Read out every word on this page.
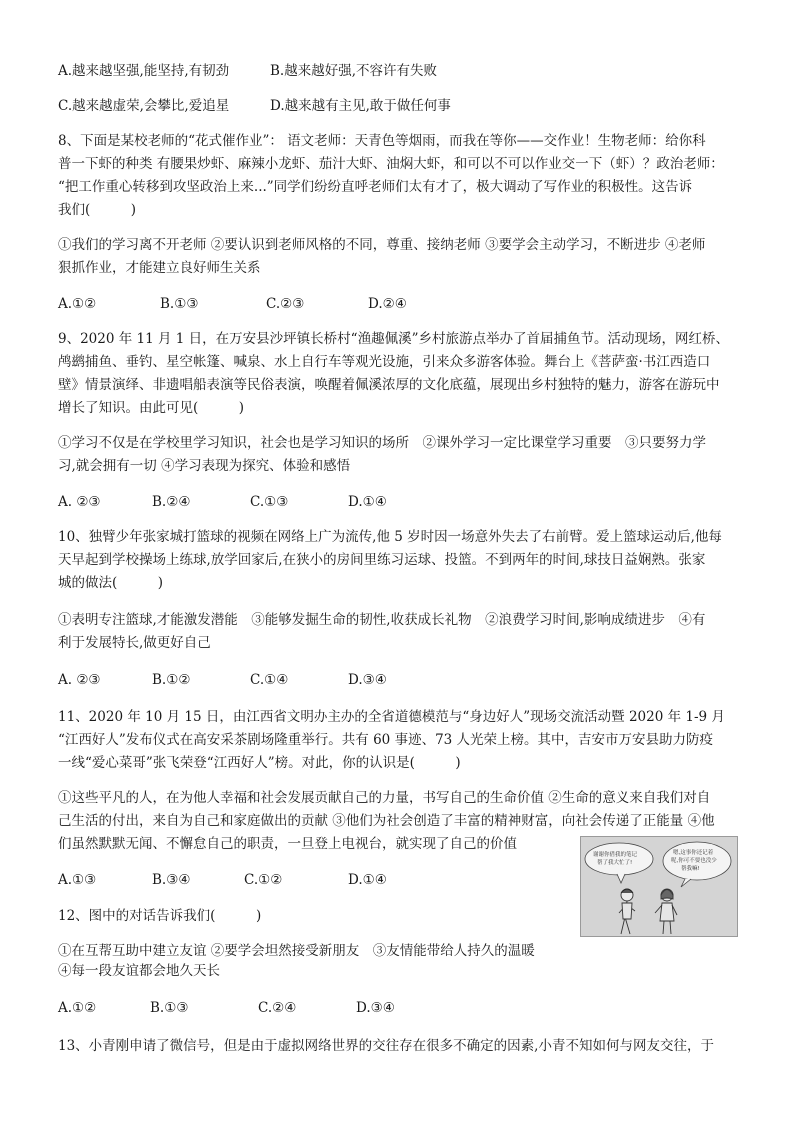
A.越来越坚强,能坚持,有韧劲	B.越来越好强,不容许有失败
C.越来越虚荣,会攀比,爱追星	D.越来越有主见,敢于做任何事
8、下面是某校老师的“花式催作业”： 语文老师：天青色等烟雨，而我在等你——交作业！生物老师：给你科
普一下虾的种类 有腰果炒虾、麻辣小龙虾、茄汁大虾、油焖大虾，和可以不可以作业交一下（虾）？政治老师：
“把工作重心转移到攻坚政治上来...”同学们纷纷直呼老师们太有才了，极大调动了写作业的积极性。这告诉
我们(　　　)
①我们的学习离不开老师 ②要认识到老师风格的不同，尊重、接纳老师 ③要学会主动学习，不断进步 ④老师
狠抓作业，才能建立良好师生关系
A.①②	B.①③	C.②③	D.②④
9、2020 年 11 月 1 日，在万安县沙坪镇长桥村“渔趣佩溪”乡村旅游点举办了首届捕鱼节。活动现场，网红桥、
鸬鹚捕鱼、垂钓、星空帐篷、喊泉、水上自行车等观光设施，引来众多游客体验。舞台上《菩萨蛮·书江西造口
壁》情景演绎、非遗唱船表演等民俗表演，唤醒着佩溪浓厚的文化底蕴，展现出乡村独特的魅力，游客在游玩中
增长了知识。由此可见(　　　)
①学习不仅是在学校里学习知识，社会也是学习知识的场所　②课外学习一定比课堂学习重要　③只要努力学
习,就会拥有一切 ④学习表现为探究、体验和感悟
A. ②③	B.②④	C.①③	D.①④
10、独臂少年张家城打篮球的视频在网络上广为流传,他 5 岁时因一场意外失去了右前臂。爱上篮球运动后,他每
天早起到学校操场上练球,放学回家后,在狭小的房间里练习运球、投篮。不到两年的时间,球技日益娴熟。张家
城的做法(　　　)
①表明专注篮球,才能激发潜能　③能够发掘生命的韧性,收获成长礼物　②浪费学习时间,影响成绩进步　④有
利于发展特长,做更好自己
A. ②③	B.①②	C.①④	D.③④
11、2020 年 10 月 15 日，由江西省文明办主办的全省道德模范与“身边好人”现场交流活动暨 2020 年 1-9 月
“江西好人”发布仪式在高安采茶剧场隆重举行。共有 60 事迹、73 人光荣上榜。其中，吉安市万安县助力防疫
一线“爱心菜哥”张飞荣登“江西好人”榜。对此，你的认识是(　　　)
①这些平凡的人，在为他人幸福和社会发展贡献自己的力量，书写自己的生命价值 ②生命的意义来自我们对自
己生活的付出，来自为自己和家庭做出的贡献 ③他们为社会创造了丰富的精神财富，向社会传递了正能量 ④他
们虽然默默无闻、不懈怠自己的职责，一旦登上电视台，就实现了自己的价值
A.①③	B.③④	C.①②	D.①④
谢谢你借我的笔记
帮了我大忙了!
嗯,这事你还记着
呢,你可不要也没少
帮我嘛!
12、图中的对话告诉我们(　　　)
①在互帮互助中建立友谊 ②要学会坦然接受新朋友　③友情能带给人持久的温暖
④每一段友谊都会地久天长
A.①②	B.①③	C.②④	D.③④
13、小青刚申请了微信号，但是由于虚拟网络世界的交往存在很多不确定的因素,小青不知如何与网友交往，于
